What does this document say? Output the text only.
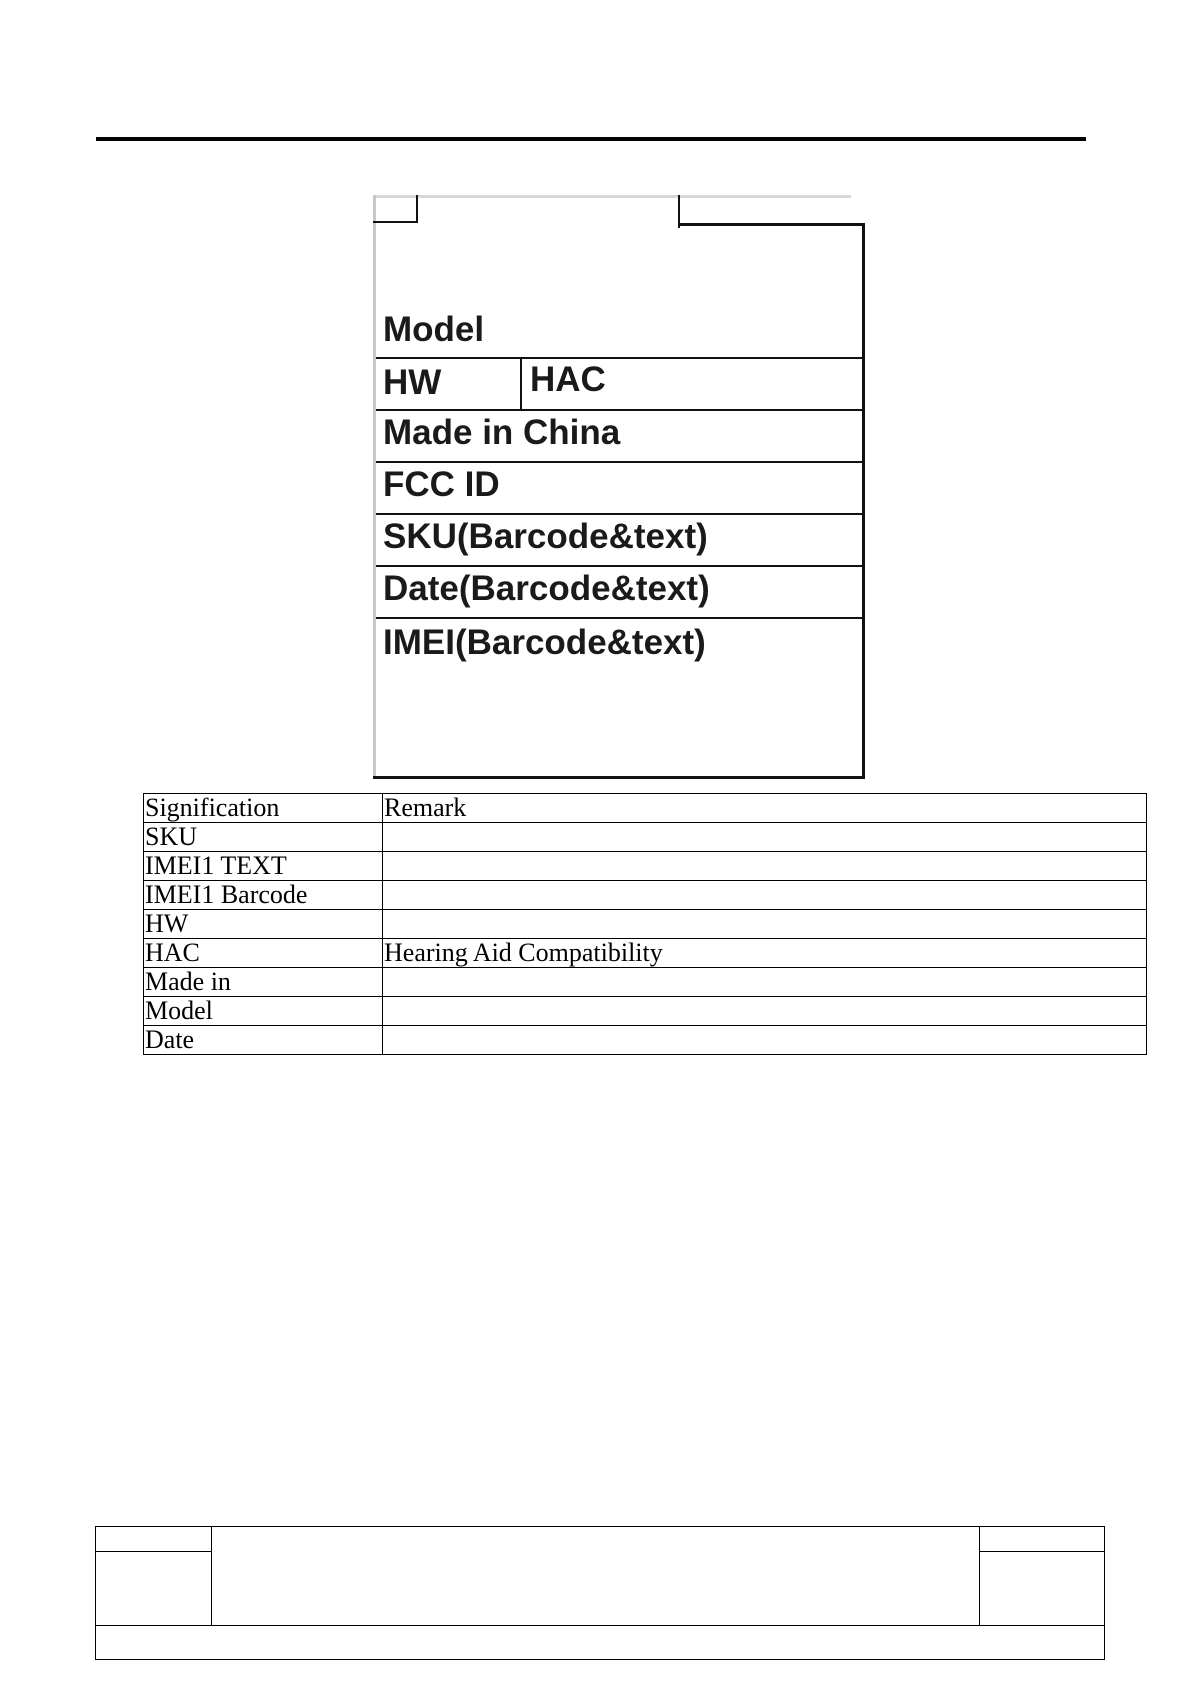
Model
HW	HAC
Made in China
FCC ID
SKU(Barcode&text)
Date(Barcode&text)
IMEI(Barcode&text)
Signification	Remark
SKU	
IMEI1 TEXT	
IMEI1 Barcode	
HW	
HAC	Hearing Aid Compatibility
Made in	
Model	
Date	
